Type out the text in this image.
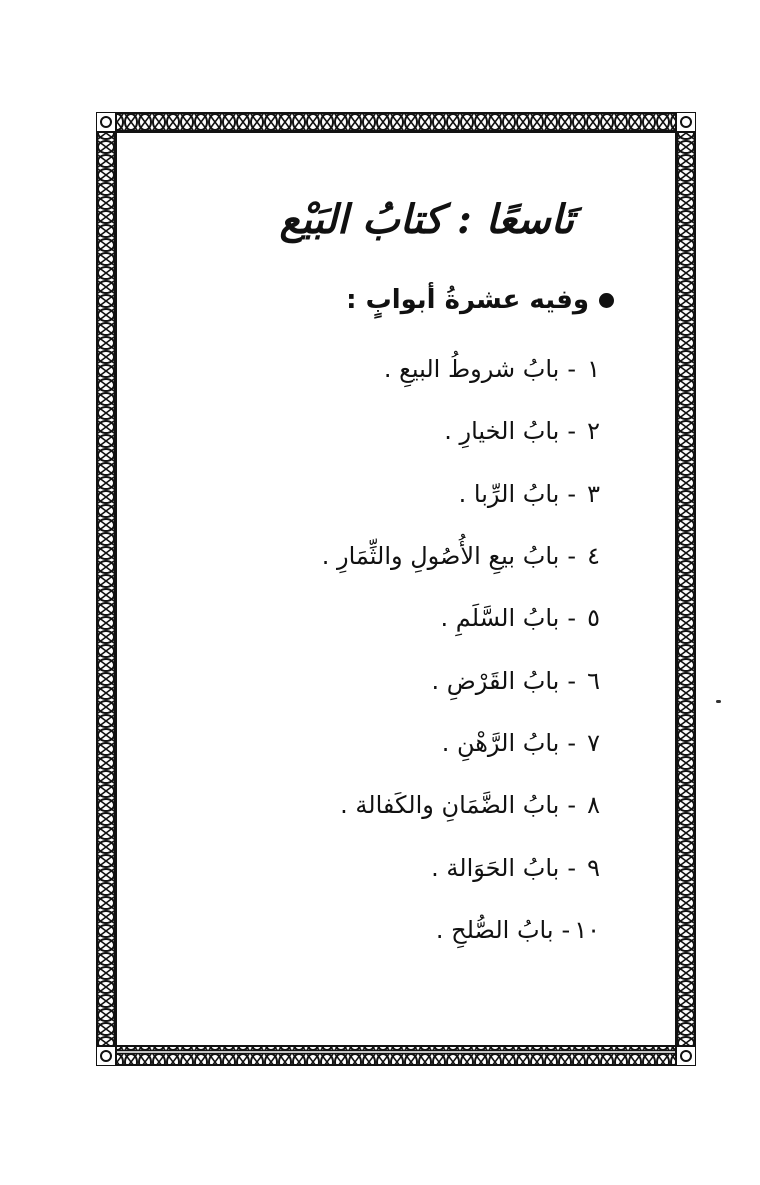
تَاسعًا : كتابُ البَيْع

وفيه عشرةُ أبوابٍ :

١
-
بابُ شروطُ البيعِ .
٢
-
بابُ الخيارِ .
٣
-
بابُ الرِّبا .
٤
-
بابُ بيعِ الأُصُولِ والثِّمَارِ .
٥
-
بابُ السَّلَمِ .
٦
-
بابُ القَرْضِ .
٧
-
بابُ الرَّهْنِ .
٨
-
بابُ الضَّمَانِ والكَفالة .
٩
-
بابُ الحَوَالة .
١٠
-
بابُ الصُّلحِ .
